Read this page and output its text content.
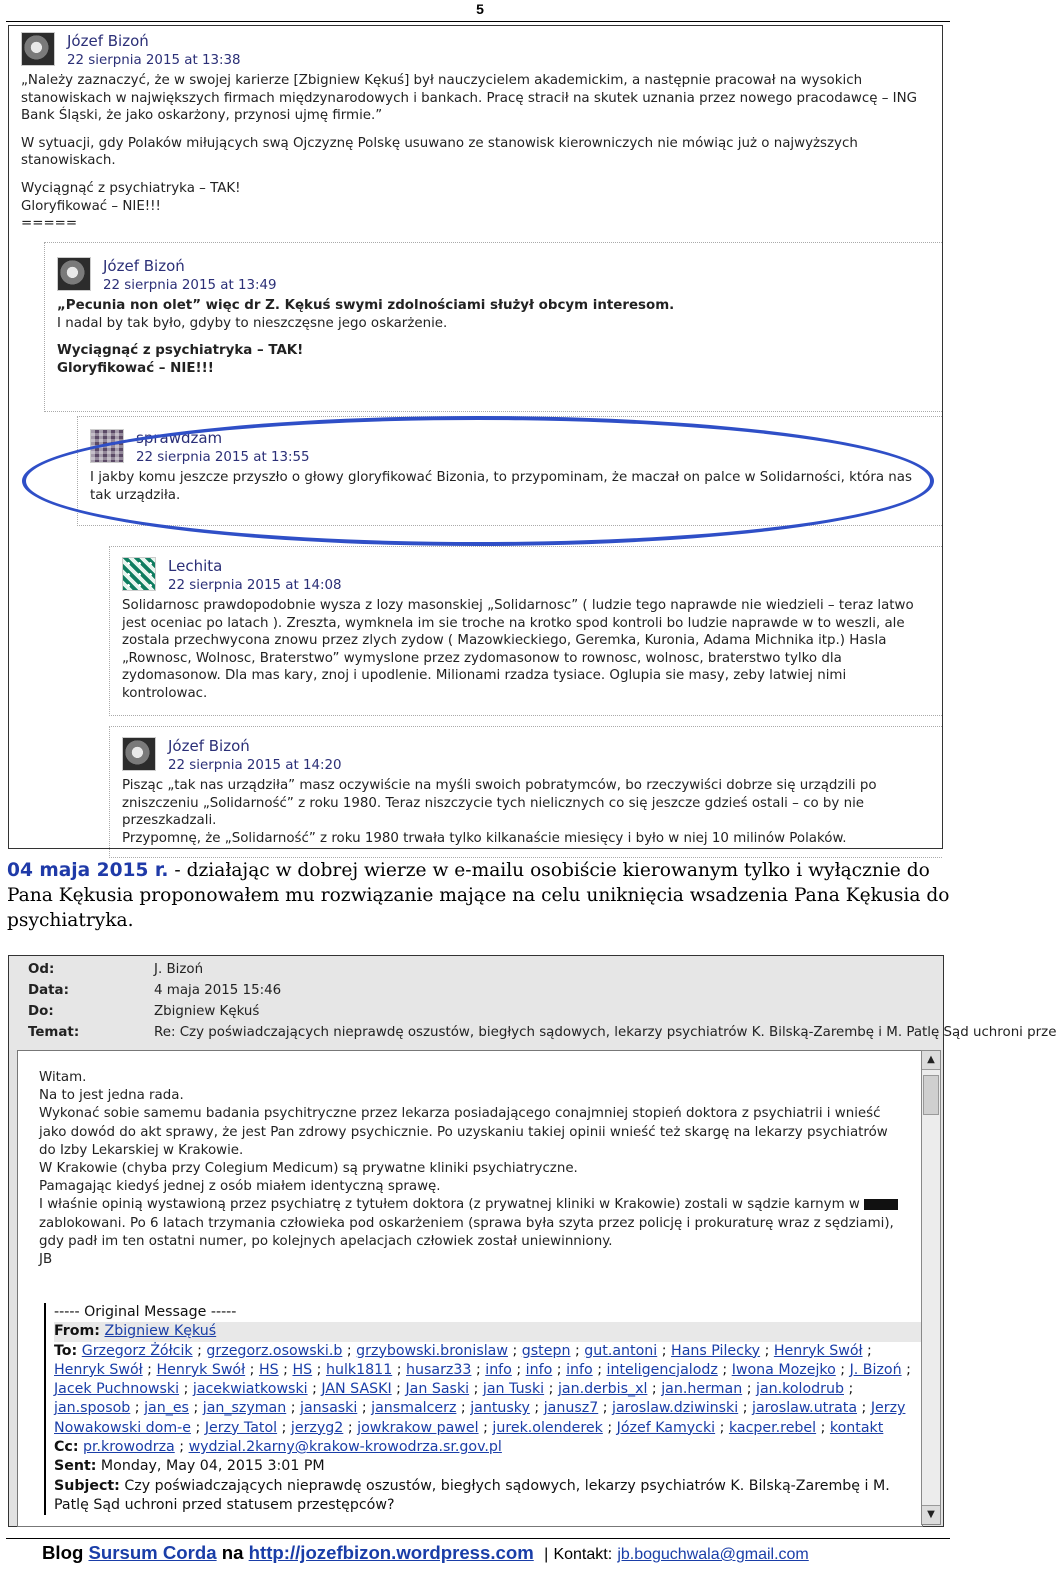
5
Józef Bizoń
22 sierpnia 2015 at 13:38

„Należy zaznaczyć, że w swojej karierze [Zbigniew Kękuś] był nauczycielem akademickim, a następnie pracował na wysokich stanowiskach w największych firmach międzynarodowych i bankach. Pracę stracił na skutek uznania przez nowego pracodawcę – ING Bank Śląski, że jako oskarżony, przynosi ujmę firmie.”

W sytuacji, gdy Polaków miłujących swą Ojczyznę Polskę usuwano ze stanowisk kierowniczych nie mówiąc już o najwyższych stanowiskach.

Wyciągnąć z psychiatryka – TAK!
Gloryfikować – NIE!!!
=====

Józef Bizoń
22 sierpnia 2015 at 13:49

„Pecunia non olet” więc dr Z. Kękuś swymi zdolnościami służył obcym interesom.

I nadal by tak było, gdyby to nieszczęsne jego oskarżenie.

Wyciągnąć z psychiatryka – TAK!
Gloryfikować – NIE!!!

sprawdzam
22 sierpnia 2015 at 13:55

I jakby komu jeszcze przyszło o głowy gloryfikować Bizonia, to przypominam, że maczał on palce w Solidarności, która nas tak urządziła.

Lechita
22 sierpnia 2015 at 14:08

Solidarnosc prawdopodobnie wysza z lozy masonskiej „Solidarnosc” ( ludzie tego naprawde nie wiedzieli – teraz latwo jest oceniac po latach ). Zreszta, wymknela im sie troche na krotko spod kontroli bo ludzie naprawde w to weszli, ale zostala przechwycona znowu przez zlych zydow ( Mazowkieckiego, Geremka, Kuronia, Adama Michnika itp.) Hasla „Rownosc, Wolnosc, Braterstwo” wymyslone przez zydomasonow to rownosc, wolnosc, braterstwo tylko dla zydomasonow. Dla mas kary, znoj i upodlenie. Milionami rzadza tysiace. Oglupia sie masy, zeby latwiej nimi kontrolowac.

Józef Bizoń
22 sierpnia 2015 at 14:20

Pisząc „tak nas urządziła” masz oczywiście na myśli swoich pobratymców, bo rzeczywiści dobrze się urządzili po zniszczeniu „Solidarność” z roku 1980. Teraz niszczycie tych nielicznych co się jeszcze gdzieś ostali – co by nie przeszkadzali.
Przypomnę, że „Solidarność” z roku 1980 trwała tylko kilkanaście miesięcy i było w niej 10 milinów Polaków.

04 maja 2015 r. - działając w dobrej wierze w e-mailu osobiście kierowanym tylko i wyłącznie do Pana Kękusia proponowałem mu rozwiązanie mające na celu uniknięcia wsadzenia Pana Kękusia do psychiatryka.

Od:	J. Bizoń
Data:	4 maja 2015 15:46
Do:	Zbigniew Kękuś
Temat:	Re: Czy poświadczających nieprawdę oszustów, biegłych sądowych, lekarzy psychiatrów K. Bilską-Zarembę i M. Patlę Sąd uchroni prze

Witam.
Na to jest jedna rada.
Wykonać sobie samemu badania psychitryczne przez lekarza posiadającego conajmniej stopień doktora z psychiatrii i wnieść jako dowód do akt sprawy, że jest Pan zdrowy psychicznie. Po uzyskaniu takiej opinii wnieść też skargę na lekarzy psychiatrów do Izby Lekarskiej w Krakowie.
W Krakowie (chyba przy Colegium Medicum) są prywatne kliniki psychiatryczne.
Pamagając kiedyś jednej z osób miałem identyczną sprawę.
I właśnie opinią wystawioną przez psychiatrę z tytułem doktora (z prywatnej kliniki w Krakowie) zostali w sądzie karnym w
zablokowani. Po 6 latach trzymania człowieka pod oskarżeniem (sprawa była szyta przez policję i prokuraturę wraz z sędziami), gdy padł im ten ostatni numer, po kolejnych apelacjach człowiek został uniewinniony.
JB

----- Original Message -----

From: Zbigniew Kękuś

To: Grzegorz Żółcik ; grzegorz.osowski.b ; grzybowski.bronislaw ; gstepn ; gut.antoni ; Hans Pilecky ; Henryk Swół ; Henryk Swół ; Henryk Swół ; HS ; HS ; hulk1811 ; husarz33 ; info ; info ; info ; inteligencjalodz ; Iwona Mozejko ; J. Bizoń ; Jacek Puchnowski ; jacekwiatkowski ; JAN SASKI ; Jan Saski ; jan Tuski ; jan.derbis_xl ; jan.herman ; jan.kolodrub ; jan.sposob ; jan_es ; jan_szyman ; jansaski ; jansmalcerz ; jantusky ; janusz7 ; jaroslaw.dziwinski ; jaroslaw.utrata ; Jerzy Nowakowski dom-e ; Jerzy Tatol ; jerzyg2 ; jowkrakow pawel ; jurek.olenderek ; Józef Kamycki ; kacper.rebel ; kontakt

Cc: pr.krowodrza ; wydzial.2karny@krakow-krowodrza.sr.gov.pl

Sent: Monday, May 04, 2015 3:01 PM

Subject: Czy poświadczających nieprawdę oszustów, biegłych sądowych, lekarzy psychiatrów K. Bilską-Zarembę i M. Patlę Sąd uchroni przed statusem przestępców?

▲
▼
Blog Sursum Corda na http://jozefbizon.wordpress.com | Kontakt: jb.boguchwala@gmail.com
